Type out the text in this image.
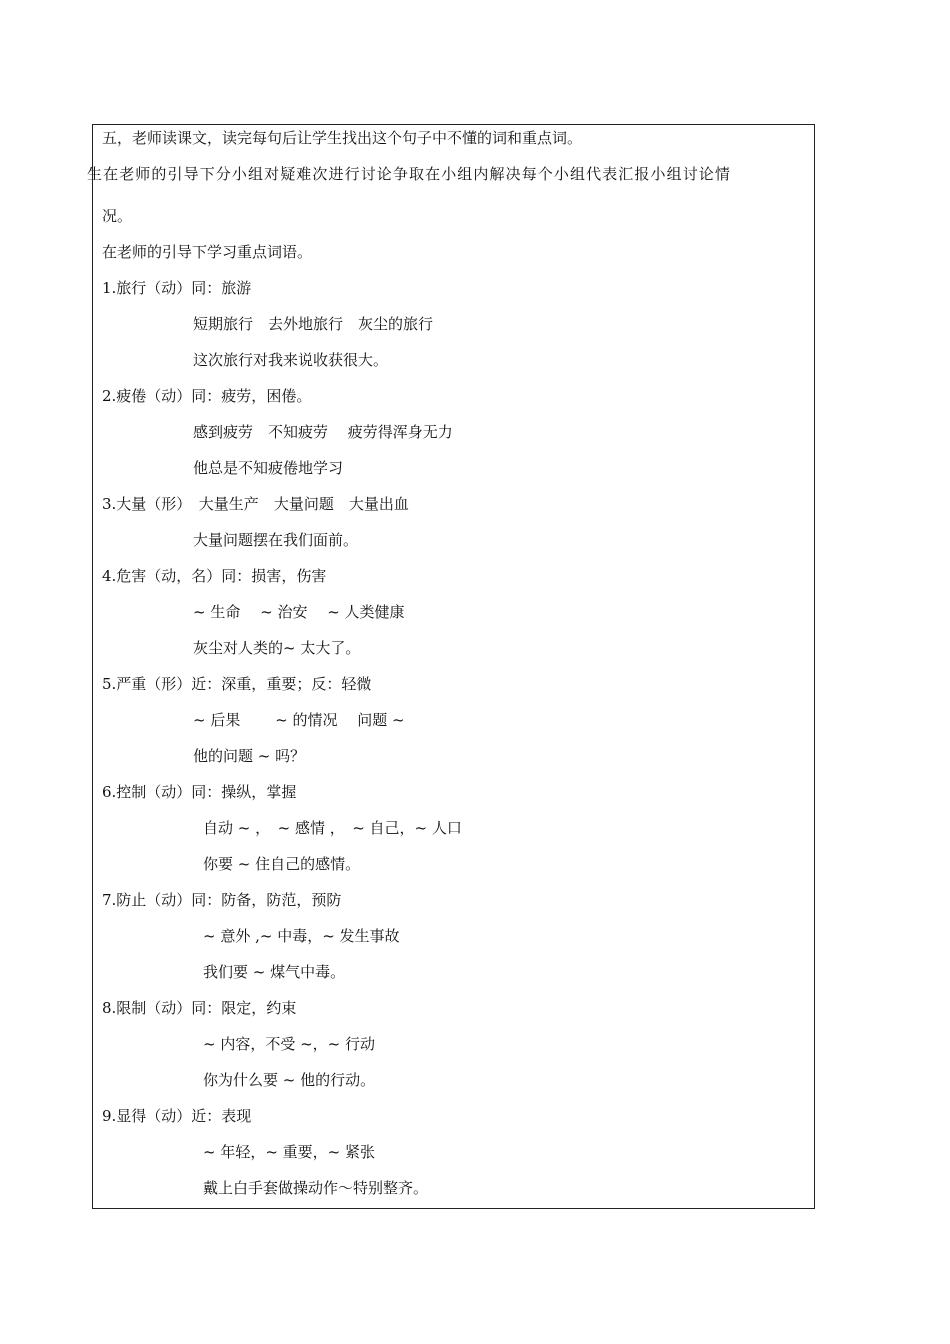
五，老师读课文，读完每句后让学生找出这个句子中不懂的词和重点词。
生在老师的引导下分小组对疑难次进行讨论争取在小组内解决每个小组代表汇报小组讨论情
况。
在老师的引导下学习重点词语。
1.旅行（动）同：旅游
短期旅行　去外地旅行　灰尘的旅行
这次旅行对我来说收获很大。
2.疲倦（动）同：疲劳，困倦。
感到疲劳　不知疲劳　 疲劳得浑身无力
他总是不知疲倦地学习
3.大量（形）　大量生产　大量问题　大量出血
大量问题摆在我们面前。
4.危害（动，名）同：损害，伤害
~ 生命　 ~ 治安　 ~ 人类健康
灰尘对人类的~ 太大了。
5.严重（形）近：深重，重要；反：轻微
~ 后果　　 ~ 的情况　 问题 ~
他的问题 ~ 吗？
6.控制（动）同：操纵，掌握
自动 ~ ，　~ 感情 ，　~ 自己，~ 人口
你要 ~ 住自己的感情。
7.防止（动）同：防备，防范，预防
~ 意外 ,~ 中毒，~ 发生事故
我们要 ~ 煤气中毒。
8.限制（动）同：限定，约束
~ 内容，不受 ~，~ 行动
你为什么要 ~ 他的行动。
9.显得（动）近：表现
~ 年轻，~ 重要，~ 紧张
戴上白手套做操动作～特别整齐。
